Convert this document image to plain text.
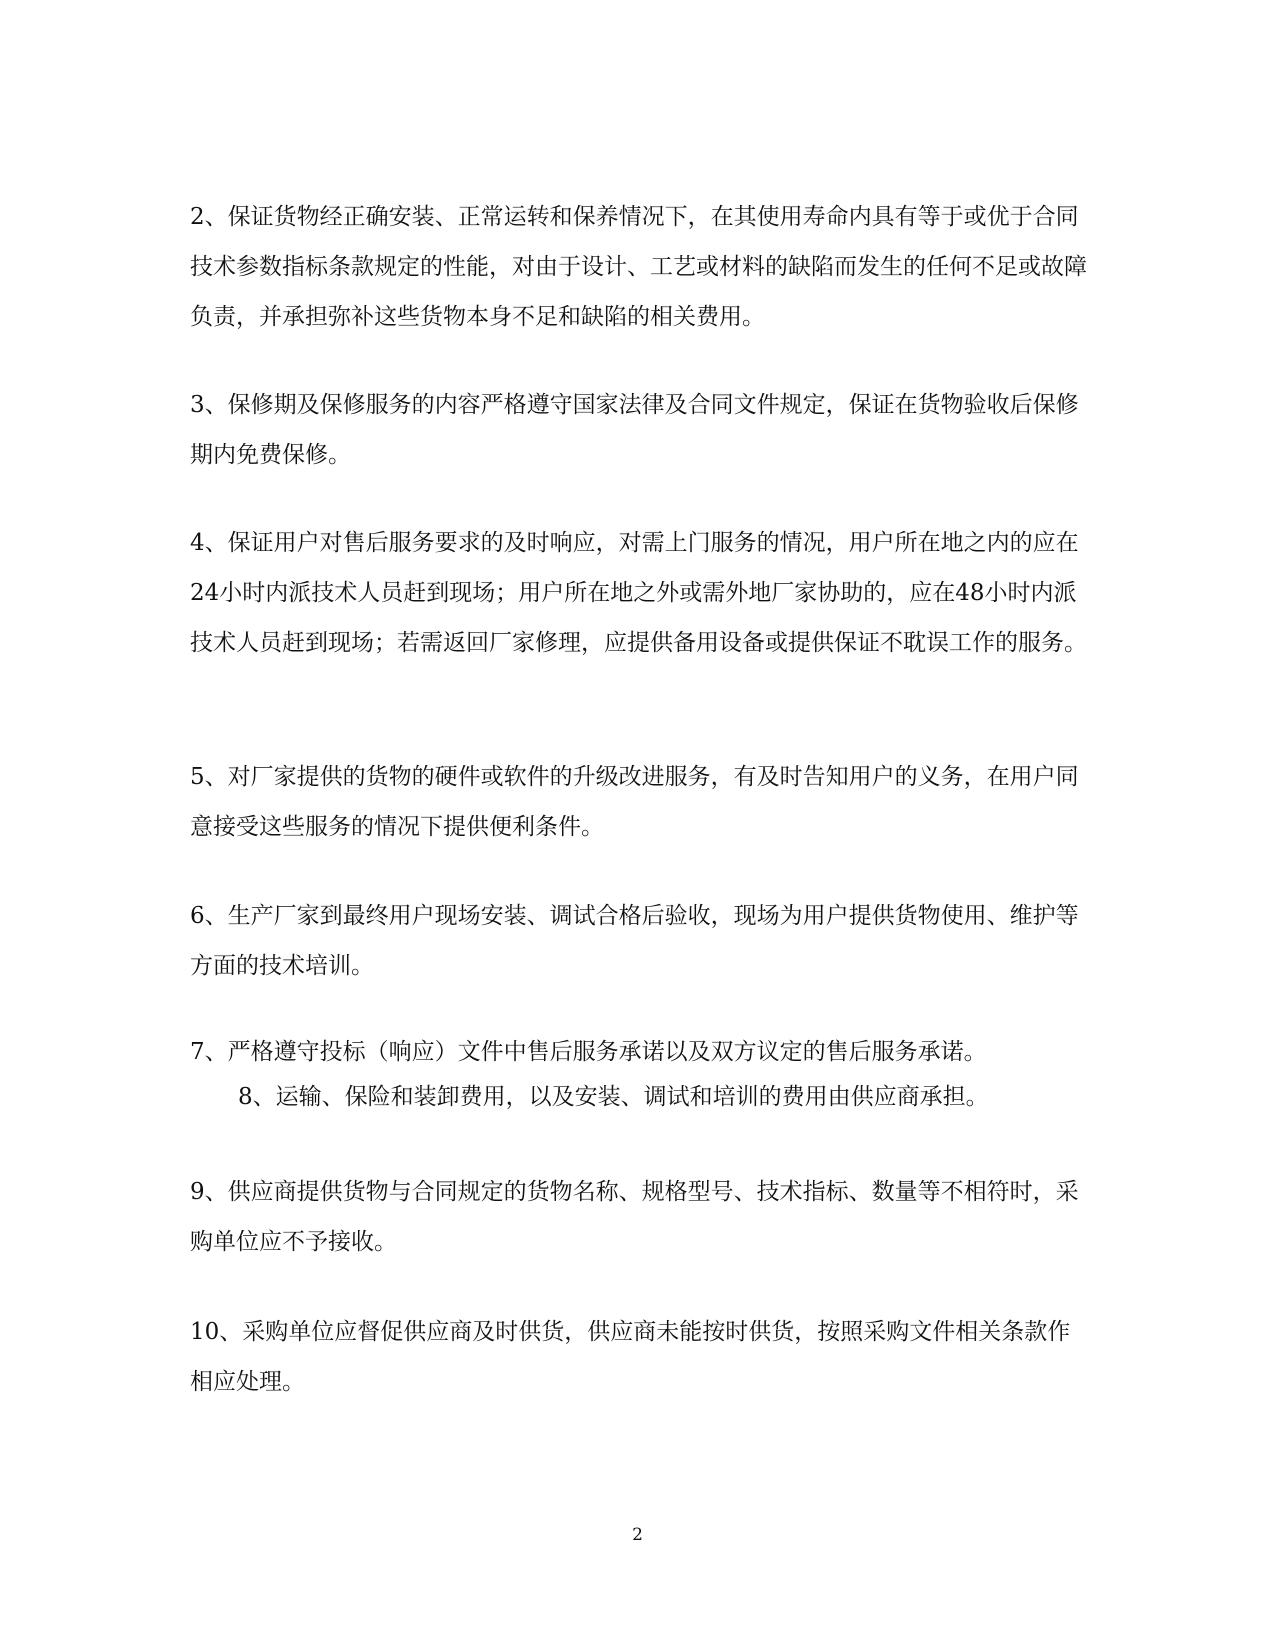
2、保证货物经正确安装、正常运转和保养情况下，在其使用寿命内具有等于或优于合同技术参数指标条款规定的性能，对由于设计、工艺或材料的缺陷而发生的任何不足或故障负责，并承担弥补这些货物本身不足和缺陷的相关费用。

3、保修期及保修服务的内容严格遵守国家法律及合同文件规定，保证在货物验收后保修期内免费保修。

4、保证用户对售后服务要求的及时响应，对需上门服务的情况，用户所在地之内的应在24小时内派技术人员赶到现场；用户所在地之外或需外地厂家协助的，应在48小时内派技术人员赶到现场；若需返回厂家修理，应提供备用设备或提供保证不耽误工作的服务。

5、对厂家提供的货物的硬件或软件的升级改进服务，有及时告知用户的义务，在用户同意接受这些服务的情况下提供便利条件。

6、生产厂家到最终用户现场安装、调试合格后验收，现场为用户提供货物使用、维护等方面的技术培训。

7、严格遵守投标（响应）文件中售后服务承诺以及双方议定的售后服务承诺。

8、运输、保险和装卸费用，以及安装、调试和培训的费用由供应商承担。

9、供应商提供货物与合同规定的货物名称、规格型号、技术指标、数量等不相符时，采购单位应不予接收。

10、采购单位应督促供应商及时供货，供应商未能按时供货，按照采购文件相关条款作相应处理。

2
